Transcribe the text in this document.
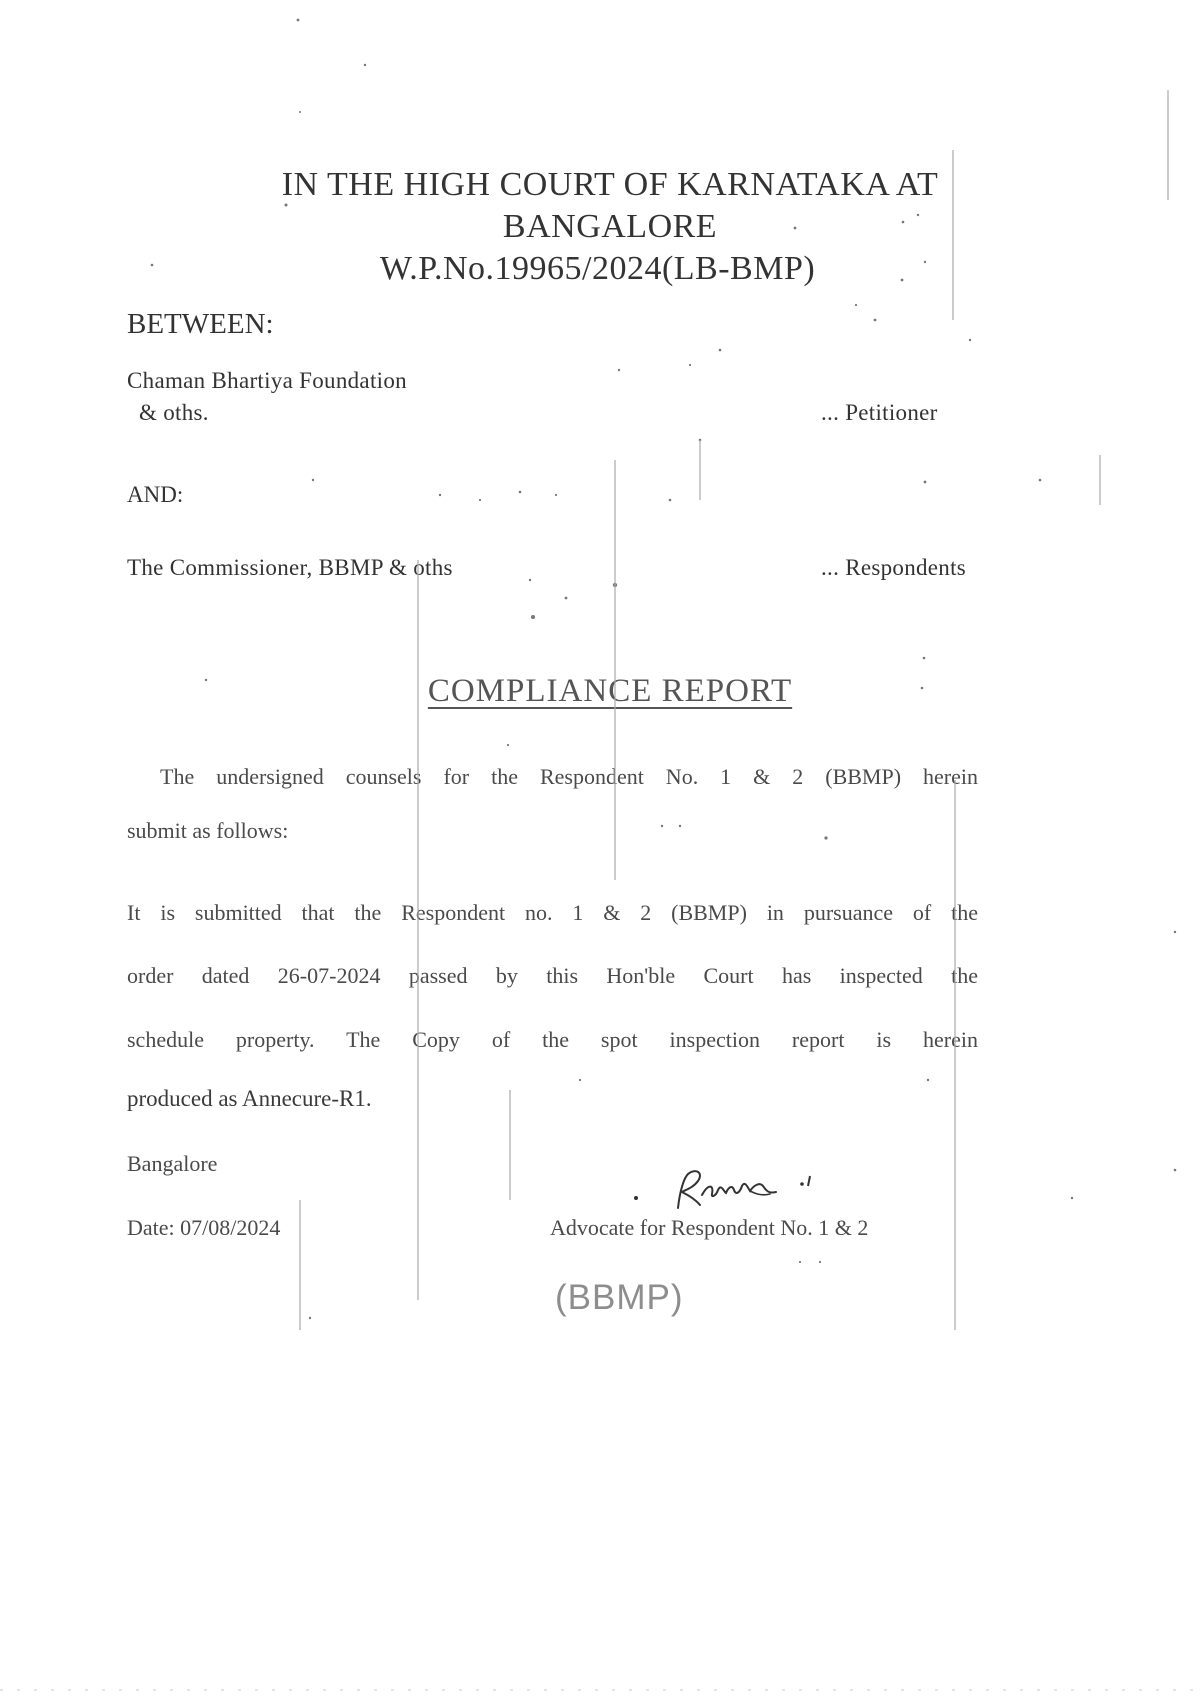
IN THE HIGH COURT OF KARNATAKA AT
BANGALORE
W.P.No.19965/2024(LB-BMP)
BETWEEN:
Chaman Bhartiya Foundation
& oths.	... Petitioner
AND:
The Commissioner, BBMP & oths	... Respondents
COMPLIANCE REPORT
The undersigned counsels for the Respondent No. 1 & 2 (BBMP) herein
submit as follows:
It is submitted that the Respondent no. 1 & 2 (BBMP) in pursuance of the
order dated 26-07-2024 passed by this Hon'ble Court has inspected the
schedule property. The Copy of the spot inspection report is herein
produced as Annecure-R1.
Bangalore
Date: 07/08/2024	Advocate for Respondent No. 1 & 2
(BBMP)
